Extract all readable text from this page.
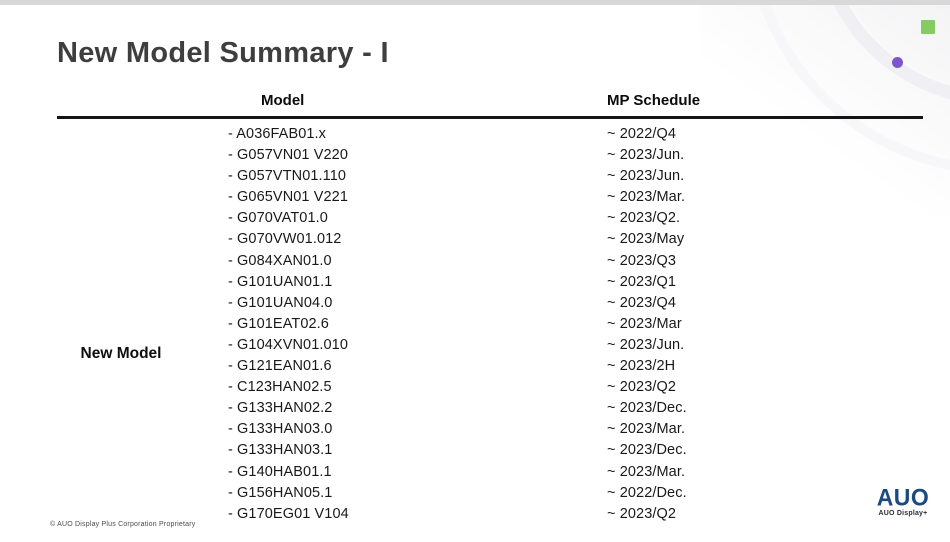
New Model Summary - I
Model	MP Schedule
New Model
- A036FAB01.x
- G057VN01 V220
- G057VTN01.110
- G065VN01 V221
- G070VAT01.0
- G070VW01.012
- G084XAN01.0
- G101UAN01.1
- G101UAN04.0
- G101EAT02.6
- G104XVN01.010
- G121EAN01.6
- C123HAN02.5
- G133HAN02.2
- G133HAN03.0
- G133HAN03.1
- G140HAB01.1
- G156HAN05.1
- G170EG01 V104
~ 2022/Q4
~ 2023/Jun.
~ 2023/Jun.
~ 2023/Mar.
~ 2023/Q2.
~ 2023/May
~ 2023/Q3
~ 2023/Q1
~ 2023/Q4
~ 2023/Mar
~ 2023/Jun.
~ 2023/2H
~ 2023/Q2
~ 2023/Dec.
~ 2023/Mar.
~ 2023/Dec.
~ 2023/Mar.
~ 2022/Dec.
~ 2023/Q2
© AUO Display Plus Corporation Proprietary
AUO
AUO Display+
